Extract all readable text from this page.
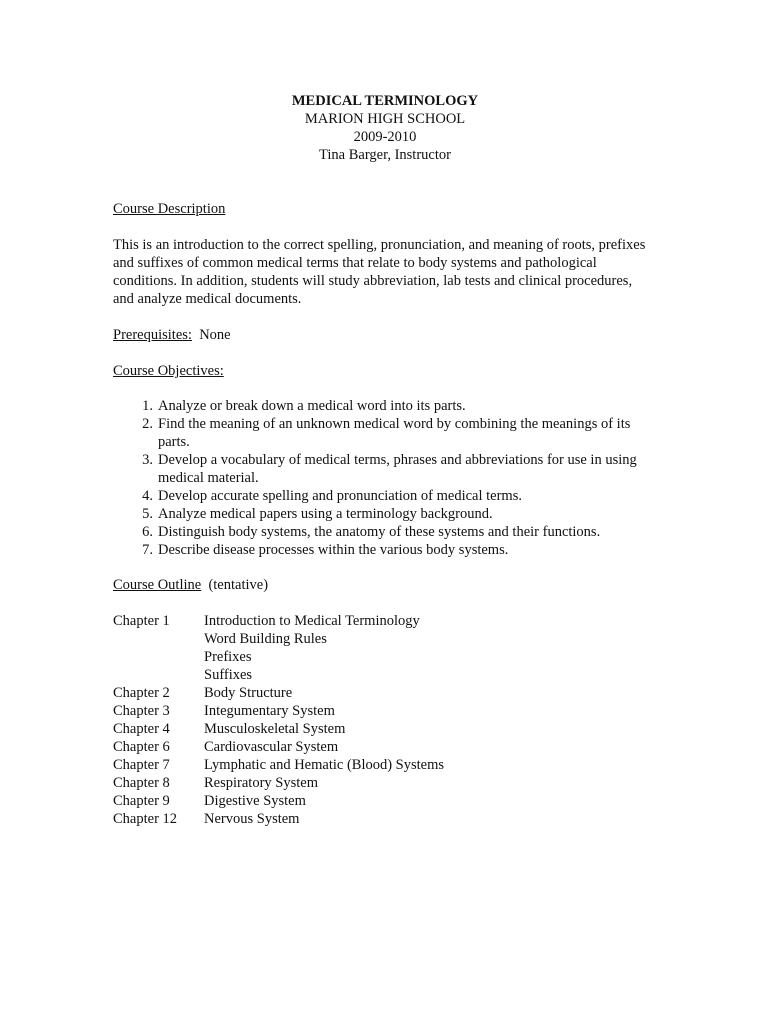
MEDICAL TERMINOLOGY
MARION HIGH SCHOOL
2009-2010
Tina Barger, Instructor
Course Description
This is an introduction to the correct spelling, pronunciation, and meaning of roots, prefixes and suffixes of common medical terms that relate to body systems and pathological conditions. In addition, students will study abbreviation, lab tests and clinical procedures, and analyze medical documents.
Prerequisites: None
Course Objectives:
1. Analyze or break down a medical word into its parts.
2. Find the meaning of an unknown medical word by combining the meanings of its parts.
3. Develop a vocabulary of medical terms, phrases and abbreviations for use in using medical material.
4. Develop accurate spelling and pronunciation of medical terms.
5. Analyze medical papers using a terminology background.
6. Distinguish body systems, the anatomy of these systems and their functions.
7. Describe disease processes within the various body systems.
Course Outline (tentative)
Chapter 1	Introduction to Medical Terminology
Word Building Rules
Prefixes
Suffixes
Chapter 2	Body Structure
Chapter 3	Integumentary System
Chapter 4	Musculoskeletal System
Chapter 6	Cardiovascular System
Chapter 7	Lymphatic and Hematic (Blood) Systems
Chapter 8	Respiratory System
Chapter 9	Digestive System
Chapter 12	Nervous System
